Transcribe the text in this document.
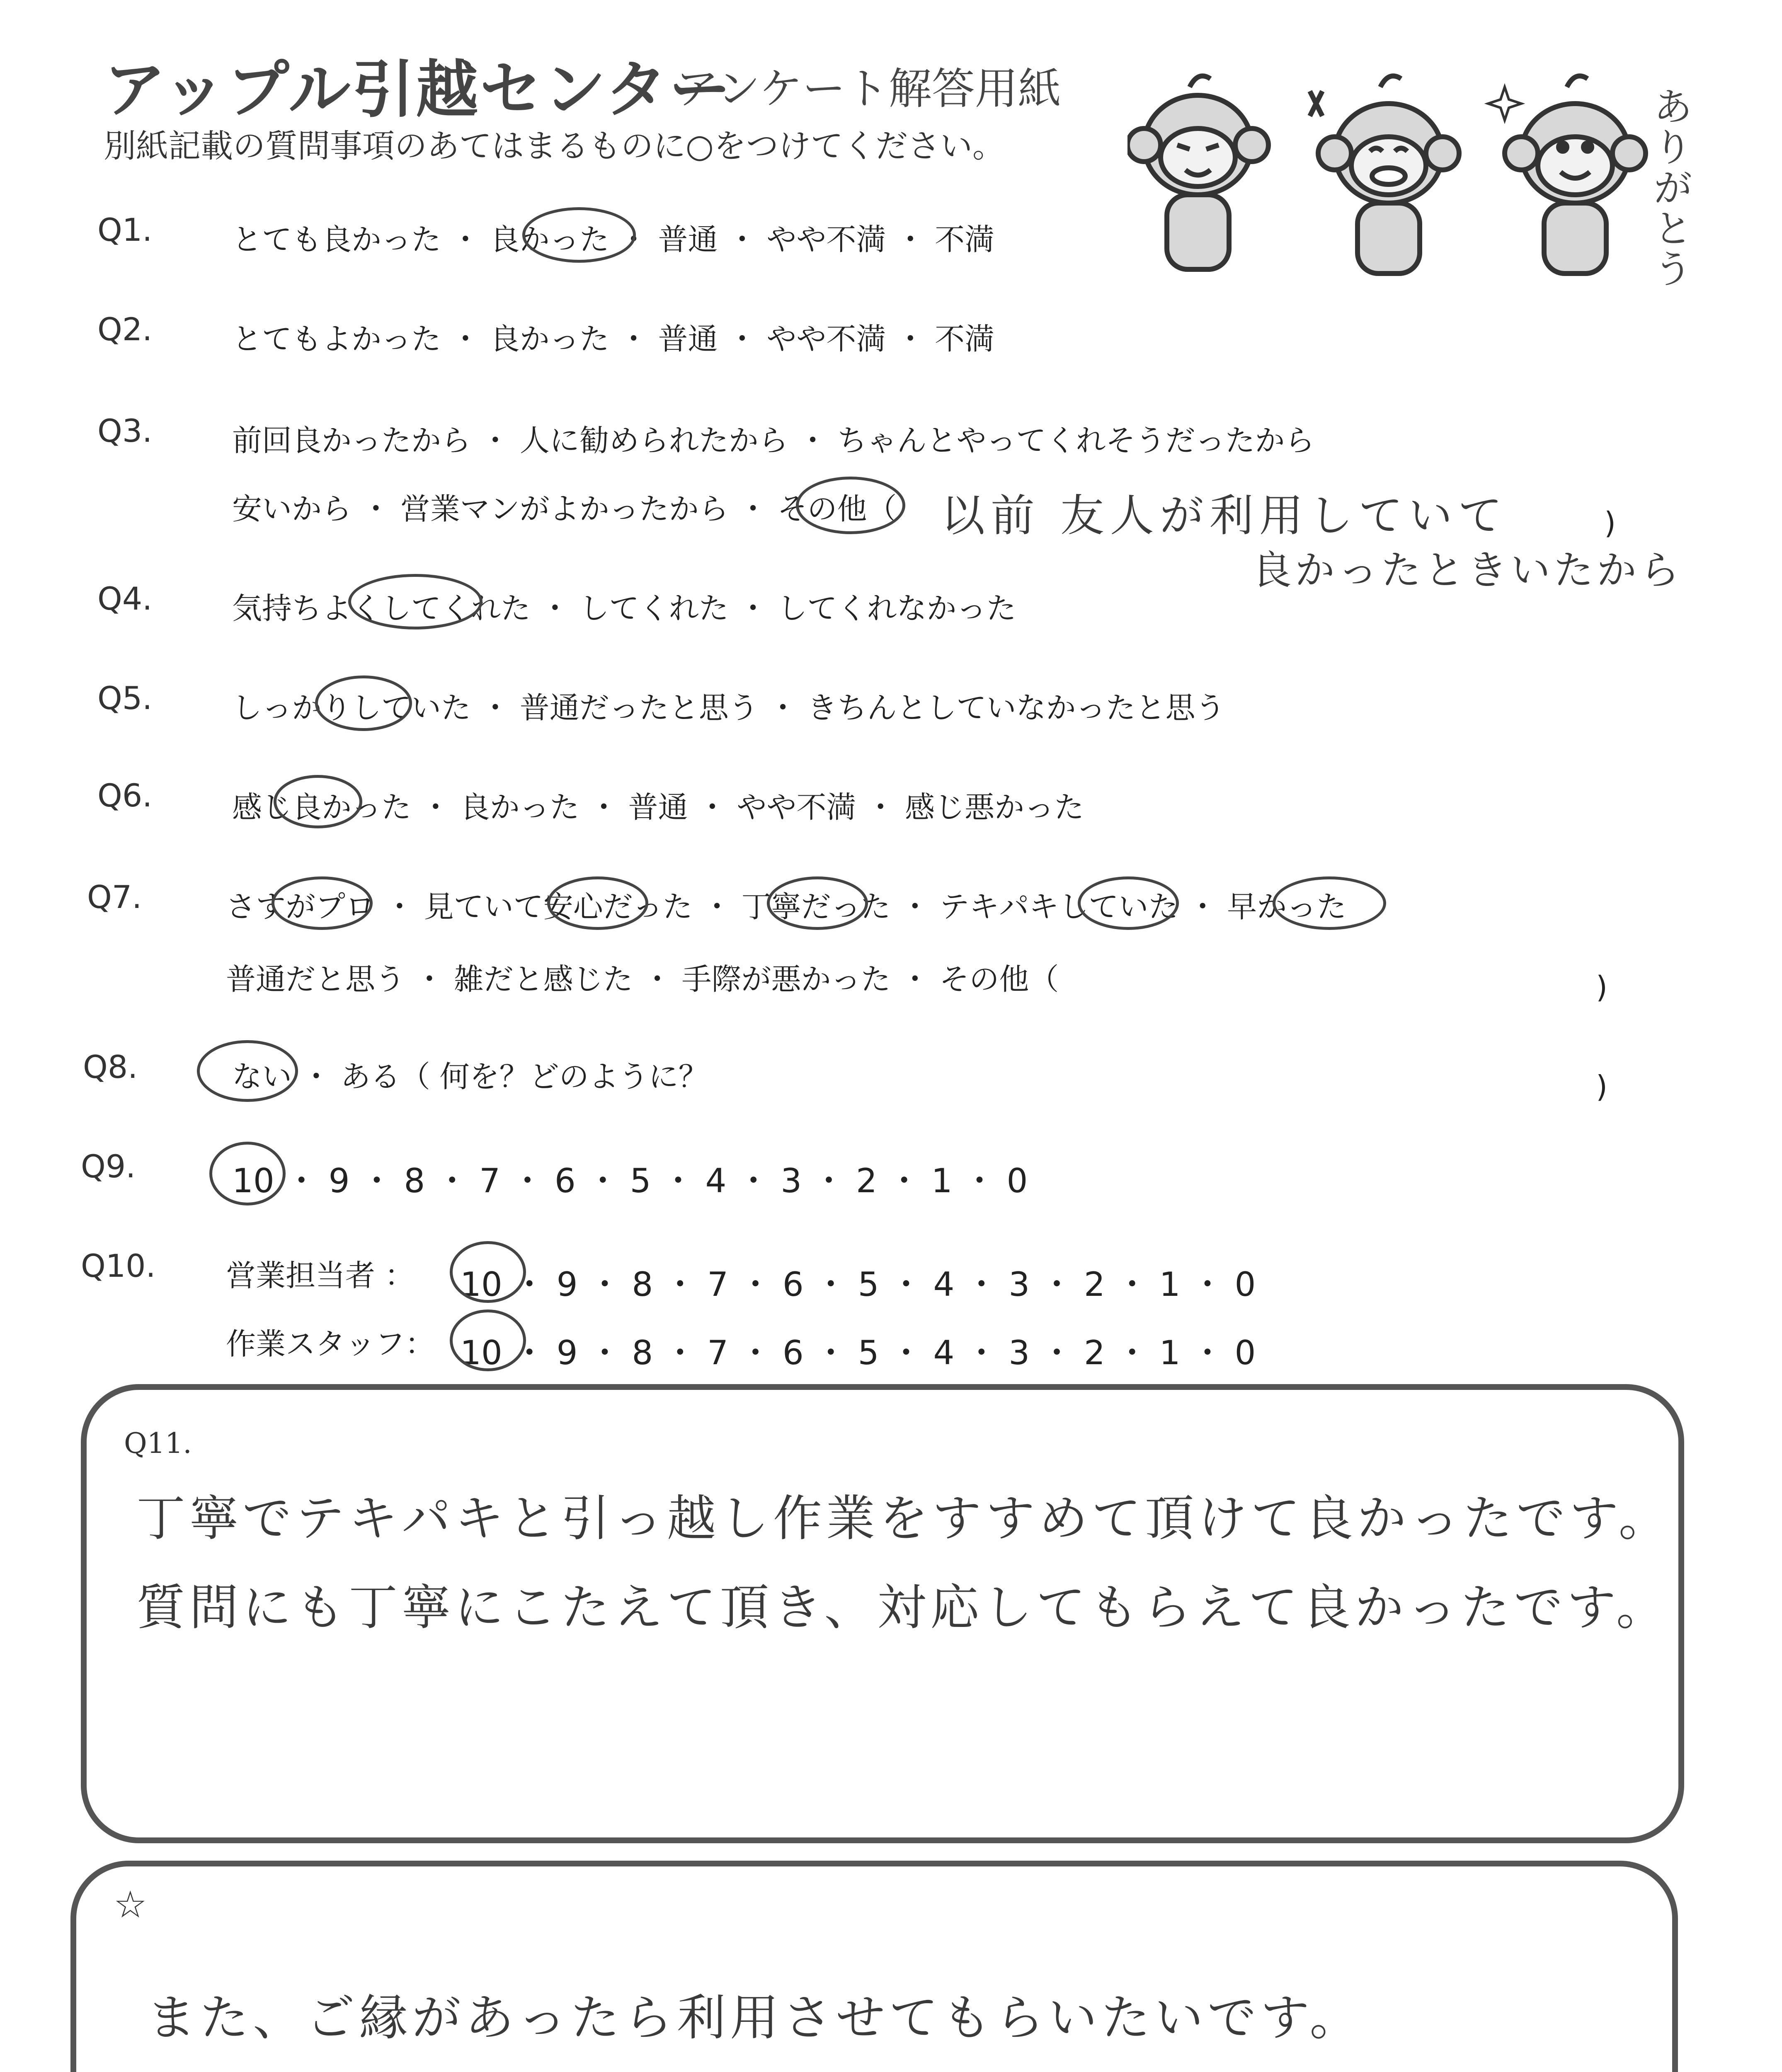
アップル引越センター
アンケート解答用紙
別紙記載の質問事項のあてはまるものに○をつけてください。
ありがとう
Q1.	とても良かった ・ 良かった ・ 普通 ・ やや不満 ・ 不満
Q2.	とてもよかった ・ 良かった ・ 普通 ・ やや不満 ・ 不満
Q3.	前回良かったから ・ 人に勧められたから ・ ちゃんとやってくれそうだったから
安いから ・ 営業マンがよかったから ・ その他（ 以前 友人が利用していて
良かったときいたから
)
Q4.	気持ちよくしてくれた ・ してくれた ・ してくれなかった
Q5.	しっかりしていた ・ 普通だったと思う ・ きちんとしていなかったと思う
Q6.	感じ良かった ・ 良かった ・ 普通 ・ やや不満 ・ 感じ悪かった
Q7.	さすがプロ ・ 見ていて安心だった ・ 丁寧だった ・ テキパキしていた ・ 早かった
普通だと思う ・ 雑だと感じた ・ 手際が悪かった ・ その他（	)
Q8.	ない ・ ある（ 何を？どのように？	)
Q9.	10 ・ 9 ・ 8 ・ 7 ・ 6 ・ 5 ・ 4 ・ 3 ・ 2 ・ 1 ・ 0
Q10. 営業担当者 ： 10 ・ 9 ・ 8 ・ 7 ・ 6 ・ 5 ・ 4 ・ 3 ・ 2 ・ 1 ・ 0
作業スタッフ： 10 ・ 9 ・ 8 ・ 7 ・ 6 ・ 5 ・ 4 ・ 3 ・ 2 ・ 1 ・ 0
Q11.
丁寧でテキパキと引っ越し作業をすすめて頂けて良かったです。
質問にも丁寧にこたえて頂き、対応してもらえて良かったです。
☆
また、ご縁があったら利用させてもらいたいです。
